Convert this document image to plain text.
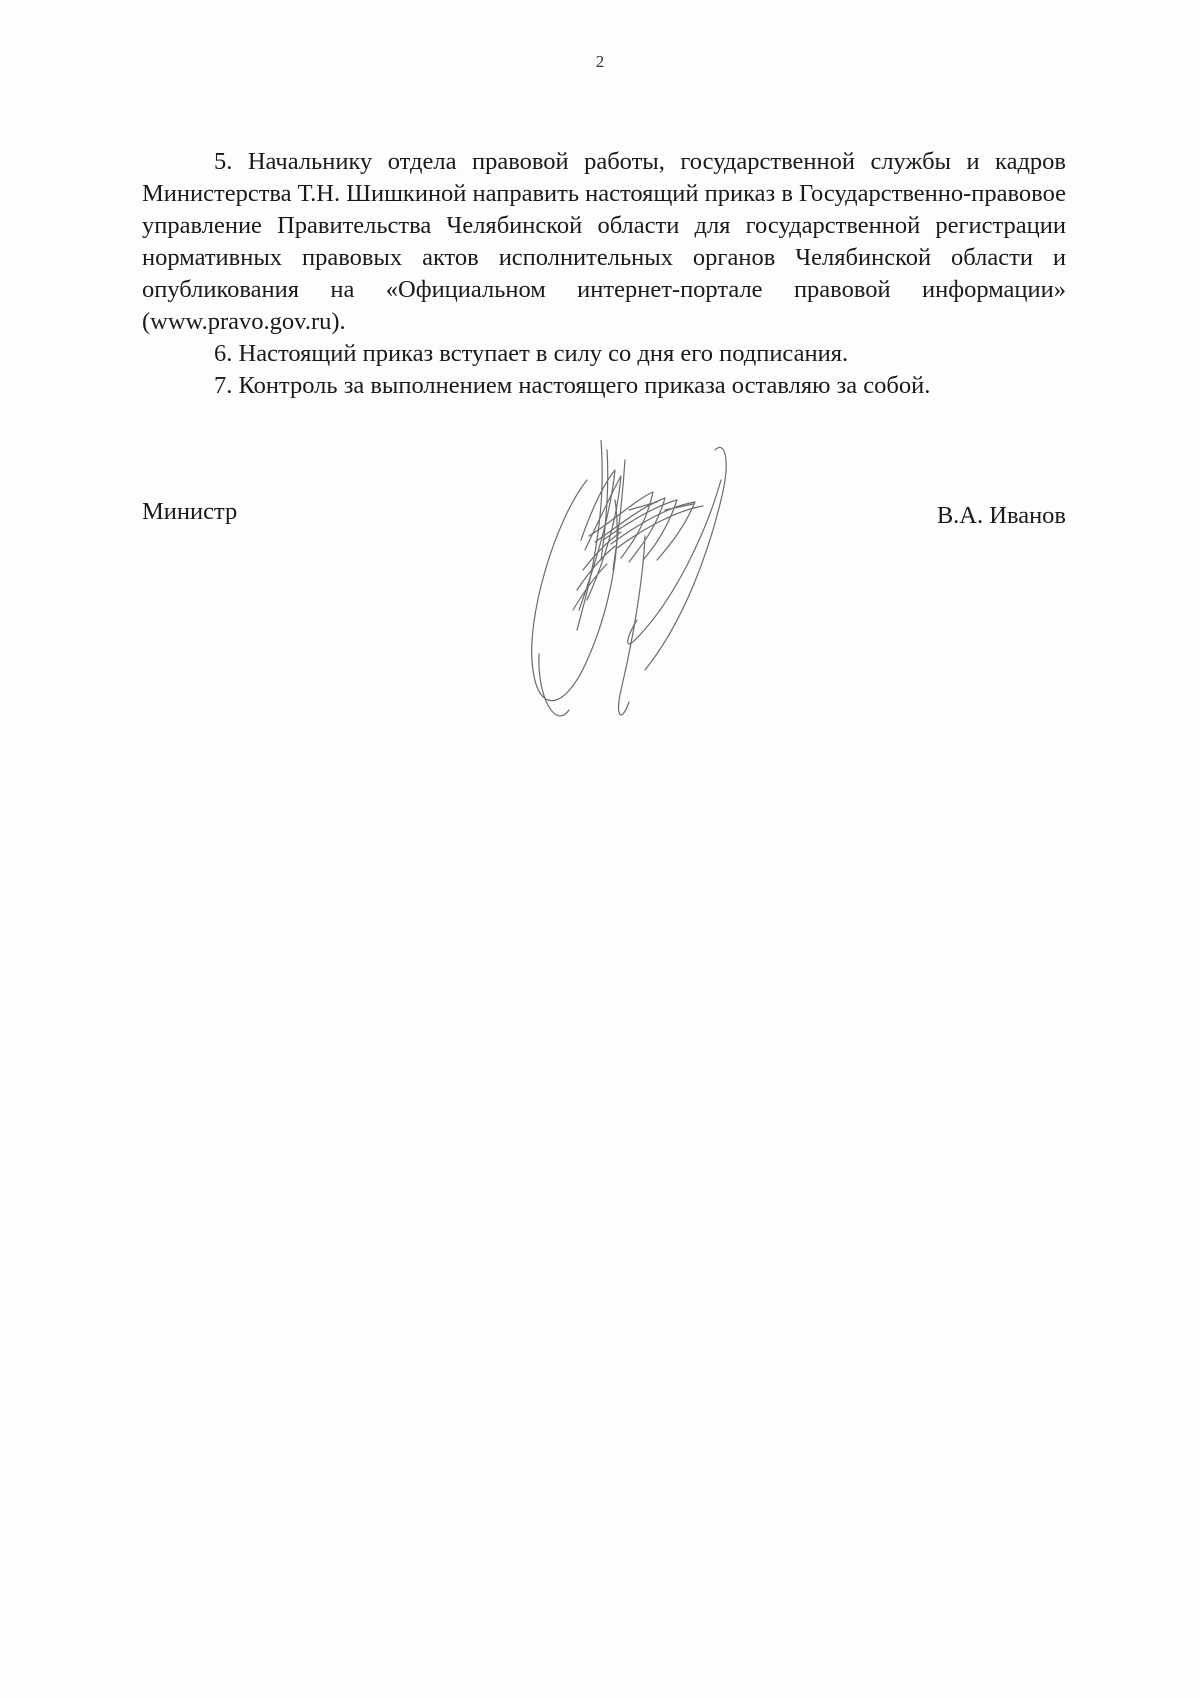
2

5. Начальнику отдела правовой работы, государственной службы и кадров Министерства Т.Н. Шишкиной направить настоящий приказ в Государственно-правовое управление Правительства Челябинской области для государственной регистрации нормативных правовых актов исполнительных органов Челябинской области и опубликования на «Официальном интернет-портале правовой информации» (www.pravo.gov.ru).

6. Настоящий приказ вступает в силу со дня его подписания.

7. Контроль за выполнением настоящего приказа оставляю за собой.

Министр	В.А. Иванов
